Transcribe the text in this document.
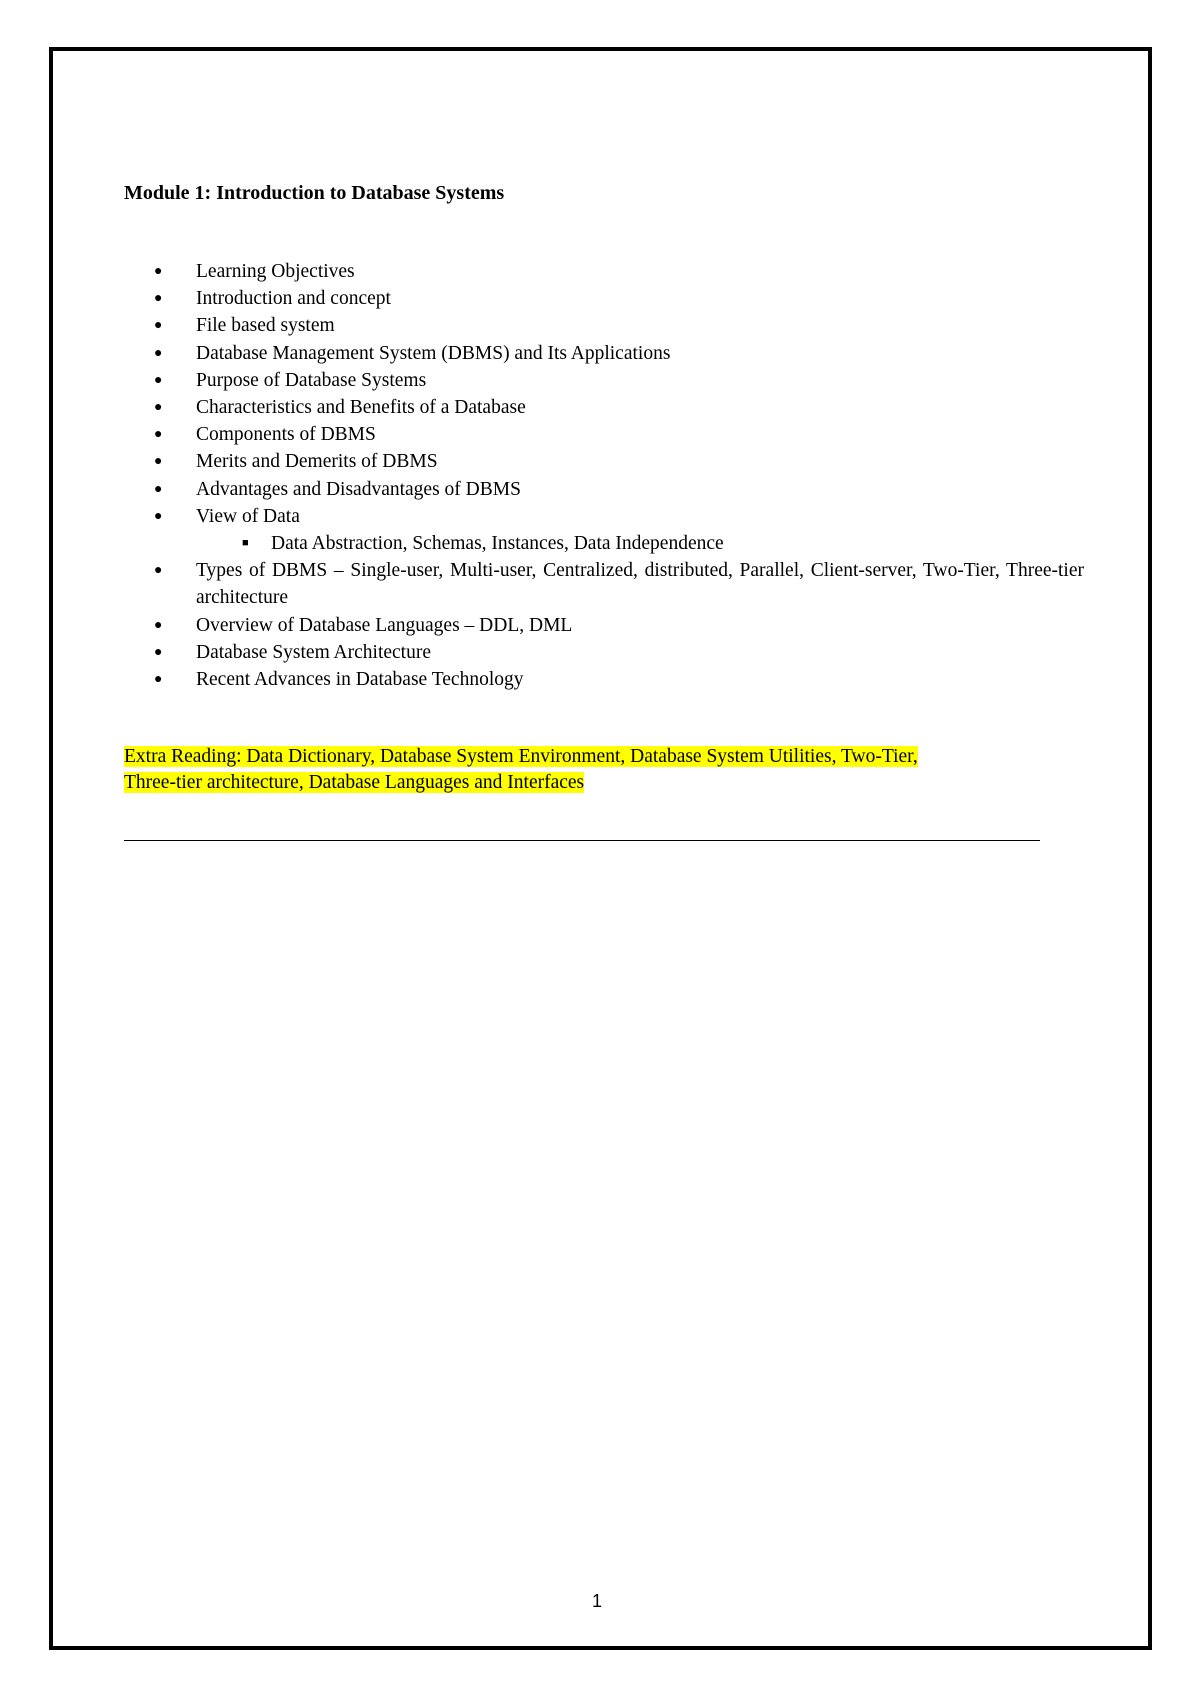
Module 1: Introduction to Database Systems
● Learning Objectives
● Introduction and concept
● File based system
● Database Management System (DBMS) and Its Applications
● Purpose of Database Systems
● Characteristics and Benefits of a Database
● Components of DBMS
● Merits and Demerits of DBMS
● Advantages and Disadvantages of DBMS
● View of Data
■ Data Abstraction, Schemas, Instances, Data Independence
● Types of DBMS – Single-user, Multi-user, Centralized, distributed, Parallel, Client-server, Two-Tier, Three-tier architecture
● Overview of Database Languages – DDL, DML
● Database System Architecture
● Recent Advances in Database Technology

Extra Reading: Data Dictionary, Database System Environment, Database System Utilities, Two-Tier,
Three-tier architecture, Database Languages and Interfaces

1
